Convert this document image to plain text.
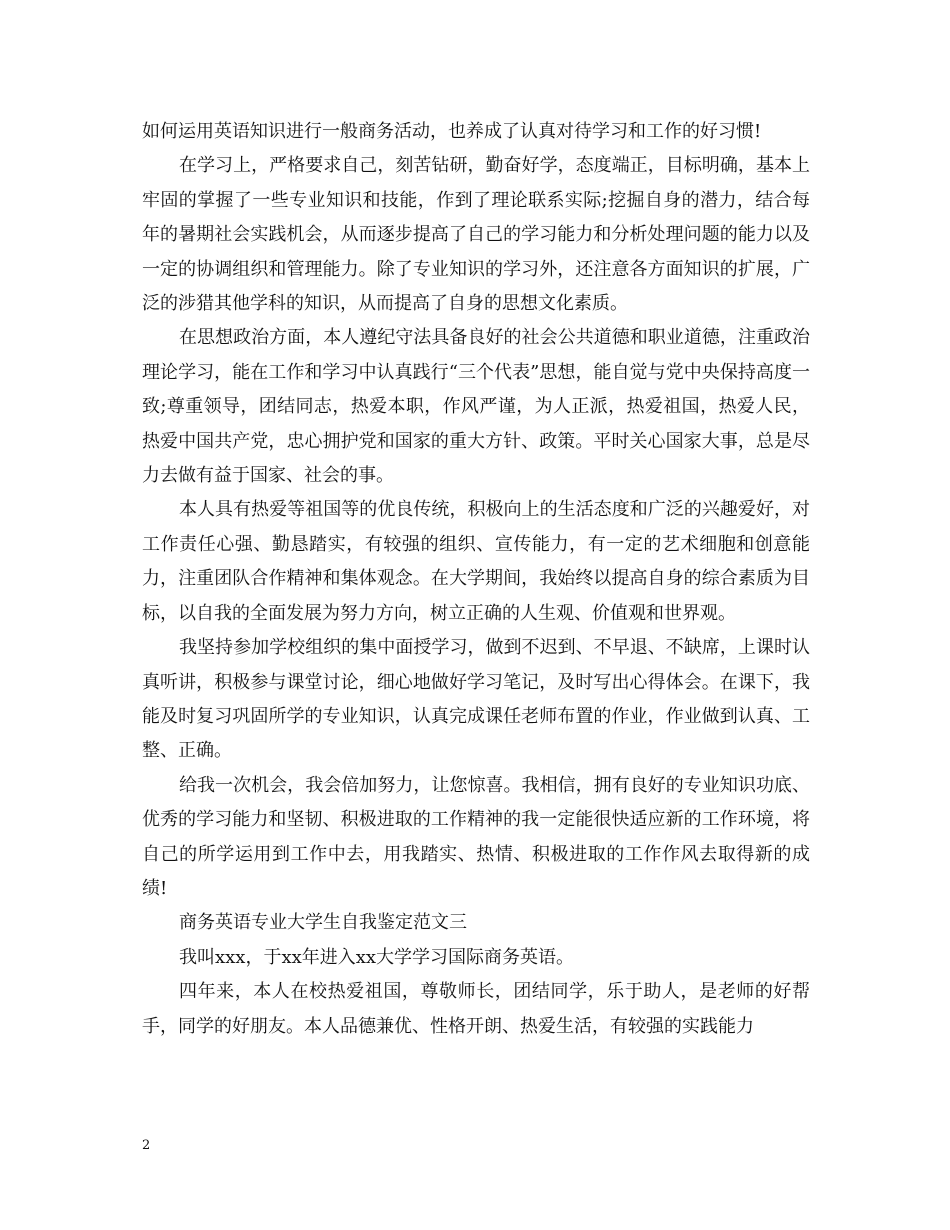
如何运用英语知识进行一般商务活动，也养成了认真对待学习和工作的好习惯!

在学习上，严格要求自己，刻苦钻研，勤奋好学，态度端正，目标明确，基本上牢固的掌握了一些专业知识和技能，作到了理论联系实际;挖掘自身的潜力，结合每年的暑期社会实践机会，从而逐步提高了自己的学习能力和分析处理问题的能力以及一定的协调组织和管理能力。除了专业知识的学习外，还注意各方面知识的扩展，广泛的涉猎其他学科的知识，从而提高了自身的思想文化素质。

在思想政治方面，本人遵纪守法具备良好的社会公共道德和职业道德，注重政治理论学习，能在工作和学习中认真践行“三个代表”思想，能自觉与党中央保持高度一致;尊重领导，团结同志，热爱本职，作风严谨，为人正派，热爱祖国，热爱人民，热爱中国共产党，忠心拥护党和国家的重大方针、政策。平时关心国家大事，总是尽力去做有益于国家、社会的事。

本人具有热爱等祖国等的优良传统，积极向上的生活态度和广泛的兴趣爱好，对工作责任心强、勤恳踏实，有较强的组织、宣传能力，有一定的艺术细胞和创意能力，注重团队合作精神和集体观念。在大学期间，我始终以提高自身的综合素质为目标，以自我的全面发展为努力方向，树立正确的人生观、价值观和世界观。

我坚持参加学校组织的集中面授学习，做到不迟到、不早退、不缺席，上课时认真听讲，积极参与课堂讨论，细心地做好学习笔记，及时写出心得体会。在课下，我能及时复习巩固所学的专业知识，认真完成课任老师布置的作业，作业做到认真、工整、正确。

给我一次机会，我会倍加努力，让您惊喜。我相信，拥有良好的专业知识功底、优秀的学习能力和坚韧、积极进取的工作精神的我一定能很快适应新的工作环境，将自己的所学运用到工作中去，用我踏实、热情、积极进取的工作作风去取得新的成绩!

商务英语专业大学生自我鉴定范文三

我叫xxx，于xx年进入xx大学学习国际商务英语。

四年来，本人在校热爱祖国，尊敬师长，团结同学，乐于助人，是老师的好帮手，同学的好朋友。本人品德兼优、性格开朗、热爱生活，有较强的实践能力

2
